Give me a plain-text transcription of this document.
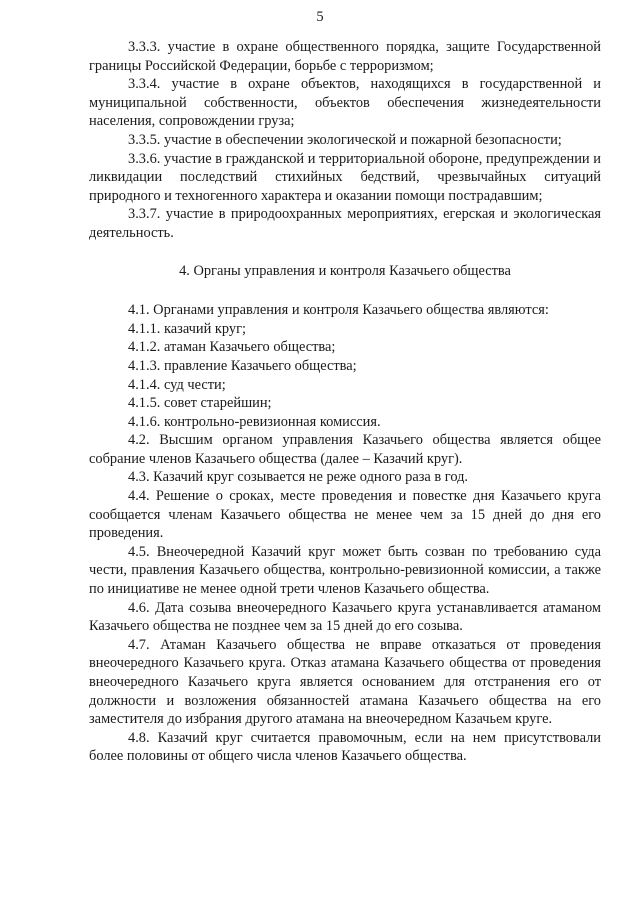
5

3.3.3. участие в охране общественного порядка, защите Государственной границы Российской Федерации, борьбе с терроризмом;

3.3.4. участие в охране объектов, находящихся в государственной и муниципальной собственности, объектов обеспечения жизнедеятельности населения, сопровождении груза;

3.3.5. участие в обеспечении экологической и пожарной безопасности;

3.3.6. участие в гражданской и территориальной обороне, предупреждении и ликвидации последствий стихийных бедствий, чрезвычайных ситуаций природного и техногенного характера и оказании помощи пострадавшим;

3.3.7. участие в природоохранных мероприятиях, егерская и экологическая деятельность.

4. Органы управления и контроля Казачьего общества

4.1. Органами управления и контроля Казачьего общества являются:

4.1.1. казачий круг;

4.1.2. атаман Казачьего общества;

4.1.3. правление Казачьего общества;

4.1.4. суд чести;

4.1.5. совет старейшин;

4.1.6. контрольно-ревизионная комиссия.

4.2. Высшим органом управления Казачьего общества является общее собрание членов Казачьего общества (далее – Казачий круг).

4.3. Казачий круг созывается не реже одного раза в год.

4.4. Решение о сроках, месте проведения и повестке дня Казачьего круга сообщается членам Казачьего общества не менее чем за 15 дней до дня его проведения.

4.5. Внеочередной Казачий круг может быть созван по требованию суда чести, правления Казачьего общества, контрольно-ревизионной комиссии, а также по инициативе не менее одной трети членов Казачьего общества.

4.6. Дата созыва внеочередного Казачьего круга устанавливается атаманом Казачьего общества не позднее чем за 15 дней до его созыва.

4.7. Атаман Казачьего общества не вправе отказаться от проведения внеочередного Казачьего круга. Отказ атамана Казачьего общества от проведения внеочередного Казачьего круга является основанием для отстранения его от должности и возложения обязанностей атамана Казачьего общества на его заместителя до избрания другого атамана на внеочередном Казачьем круге.

4.8. Казачий круг считается правомочным, если на нем присутствовали более половины от общего числа членов Казачьего общества.
